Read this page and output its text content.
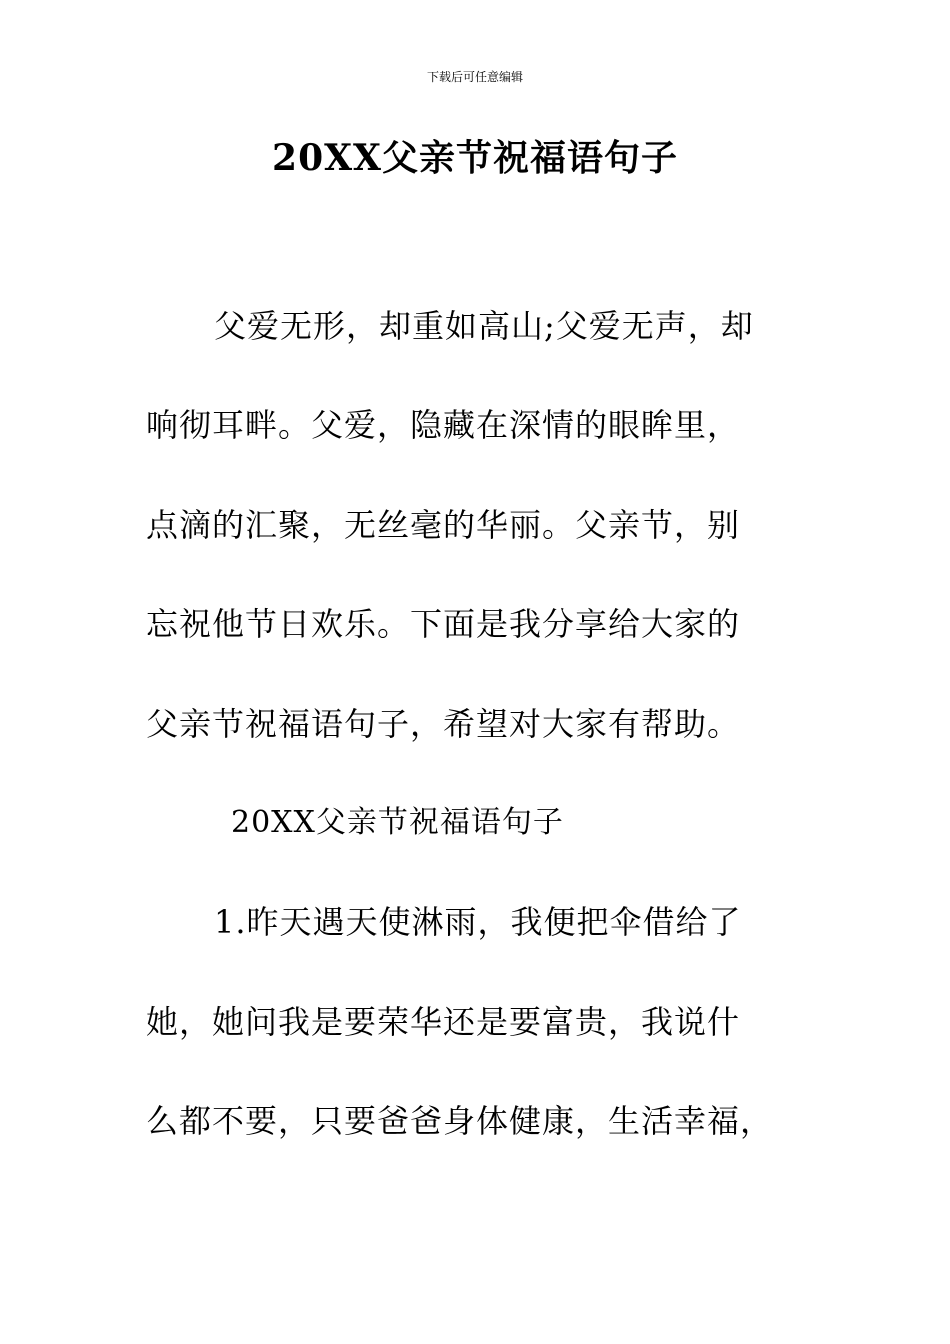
下载后可任意编辑
20XX父亲节祝福语句子
父爱无形，却重如高山;父爱无声，却
响彻耳畔。父爱，隐藏在深情的眼眸里，
点滴的汇聚，无丝毫的华丽。父亲节，别
忘祝他节日欢乐。下面是我分享给大家的
父亲节祝福语句子，希望对大家有帮助。
20XX父亲节祝福语句子
1.昨天遇天使淋雨，我便把伞借给了
她，她问我是要荣华还是要富贵，我说什
么都不要，只要爸爸身体健康，生活幸福，
